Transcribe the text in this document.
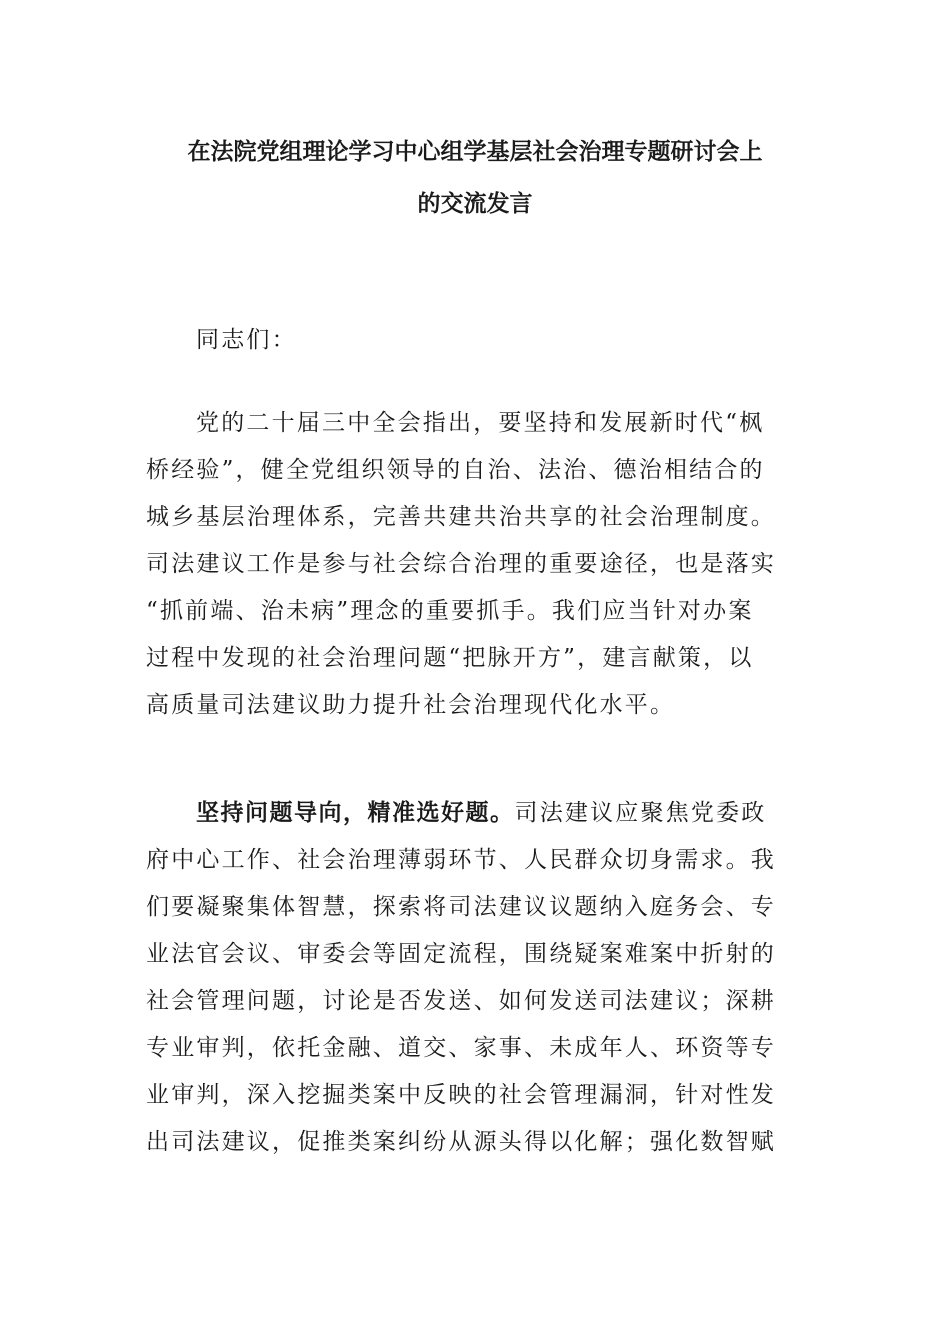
在法院党组理论学习中心组学基层社会治理专题研讨会上
的交流发言

同志们：

党的二十届三中全会指出，要坚持和发展新时代“枫
桥经验”，健全党组织领导的自治、法治、德治相结合的
城乡基层治理体系，完善共建共治共享的社会治理制度。
司法建议工作是参与社会综合治理的重要途径，也是落实
“抓前端、治未病”理念的重要抓手。我们应当针对办案
过程中发现的社会治理问题“把脉开方”，建言献策，以
高质量司法建议助力提升社会治理现代化水平。

坚持问题导向，精准选好题。司法建议应聚焦党委政
府中心工作、社会治理薄弱环节、人民群众切身需求。我
们要凝聚集体智慧，探索将司法建议议题纳入庭务会、专
业法官会议、审委会等固定流程，围绕疑案难案中折射的
社会管理问题，讨论是否发送、如何发送司法建议；深耕
专业审判，依托金融、道交、家事、未成年人、环资等专
业审判，深入挖掘类案中反映的社会管理漏洞，针对性发
出司法建议，促推类案纠纷从源头得以化解；强化数智赋
